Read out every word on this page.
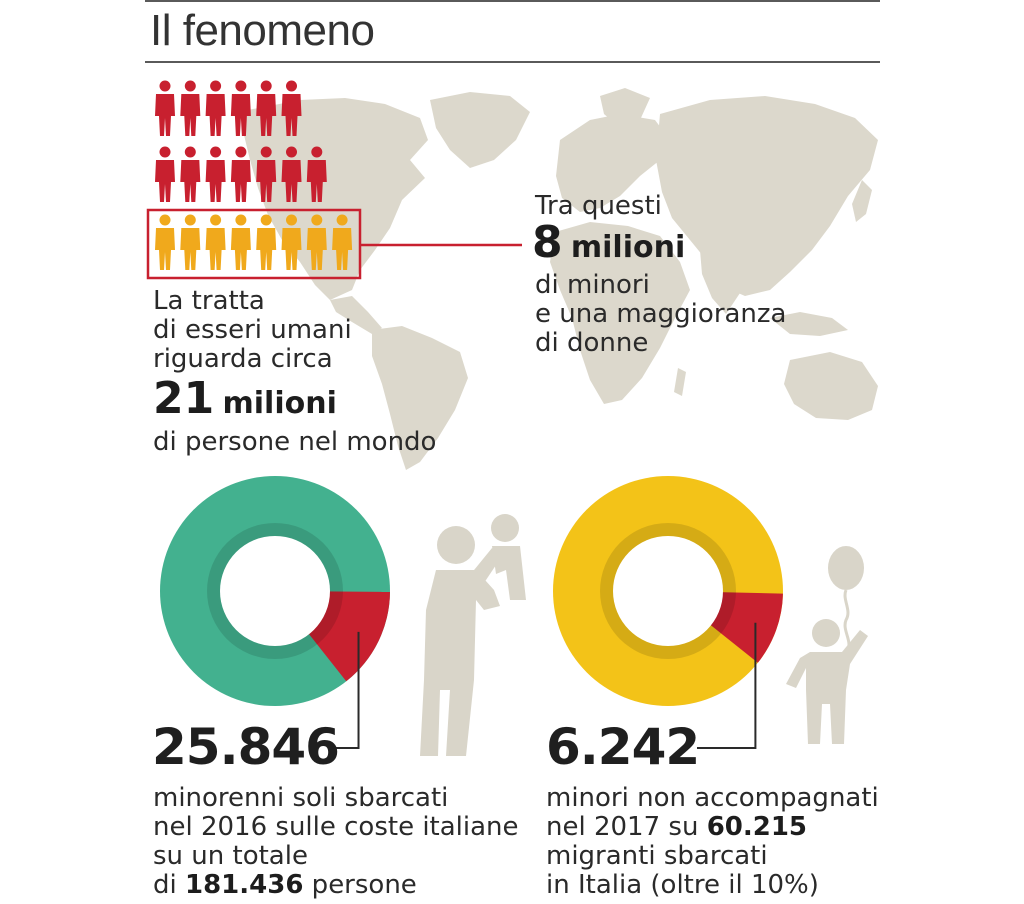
Il fenomeno
La tratta
di esseri umani
riguarda circa
21 milioni
di persone nel mondo
Tra questi
8 milioni
di minori
e una maggioranza
di donne
25.846
minorenni soli sbarcati
nel 2016 sulle coste italiane
su un totale
di 181.436 persone
6.242
minori non accompagnati
nel 2017 su 60.215
migranti sbarcati
in Italia (oltre il 10%)
